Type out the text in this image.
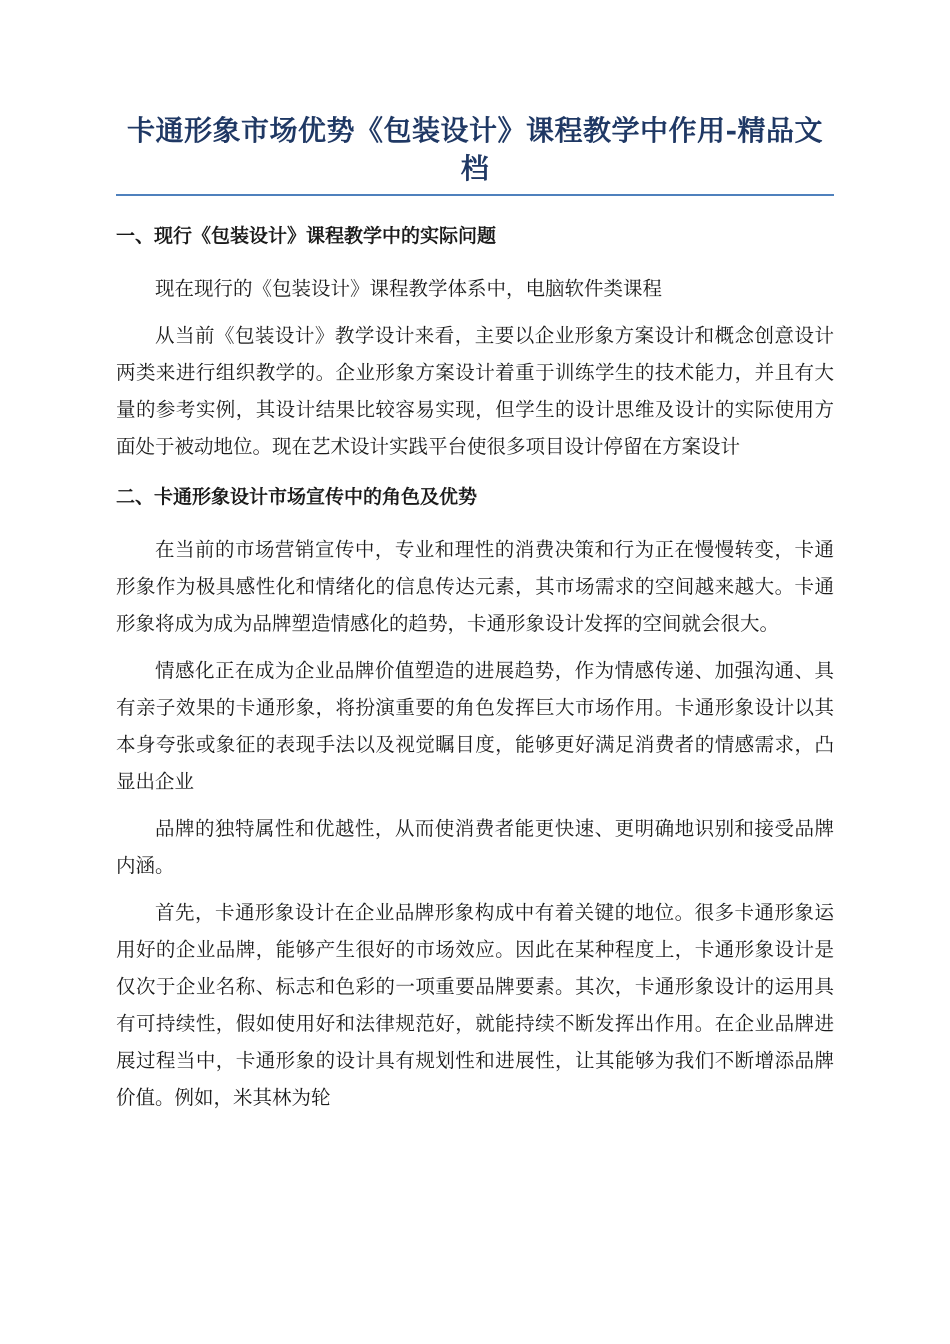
卡通形象市场优势《包装设计》课程教学中作用-精品文档
一、现行《包装设计》课程教学中的实际问题

现在现行的《包装设计》课程教学体系中，电脑软件类课程

从当前《包装设计》教学设计来看，主要以企业形象方案设计和概念创意设计两类来进行组织教学的。企业形象方案设计着重于训练学生的技术能力，并且有大量的参考实例，其设计结果比较容易实现，但学生的设计思维及设计的实际使用方面处于被动地位。现在艺术设计实践平台使很多项目设计停留在方案设计

二、卡通形象设计市场宣传中的角色及优势

在当前的市场营销宣传中，专业和理性的消费决策和行为正在慢慢转变，卡通形象作为极具感性化和情绪化的信息传达元素，其市场需求的空间越来越大。卡通形象将成为成为品牌塑造情感化的趋势，卡通形象设计发挥的空间就会很大。

情感化正在成为企业品牌价值塑造的进展趋势，作为情感传递、加强沟通、具有亲子效果的卡通形象，将扮演重要的角色发挥巨大市场作用。卡通形象设计以其本身夸张或象征的表现手法以及视觉瞩目度，能够更好满足消费者的情感需求，凸显出企业

品牌的独特属性和优越性，从而使消费者能更快速、更明确地识别和接受品牌内涵。

首先，卡通形象设计在企业品牌形象构成中有着关键的地位。很多卡通形象运用好的企业品牌，能够产生很好的市场效应。因此在某种程度上，卡通形象设计是仅次于企业名称、标志和色彩的一项重要品牌要素。其次，卡通形象设计的运用具有可持续性，假如使用好和法律规范好，就能持续不断发挥出作用。在企业品牌进展过程当中，卡通形象的设计具有规划性和进展性，让其能够为我们不断增添品牌价值。例如，米其林为轮
